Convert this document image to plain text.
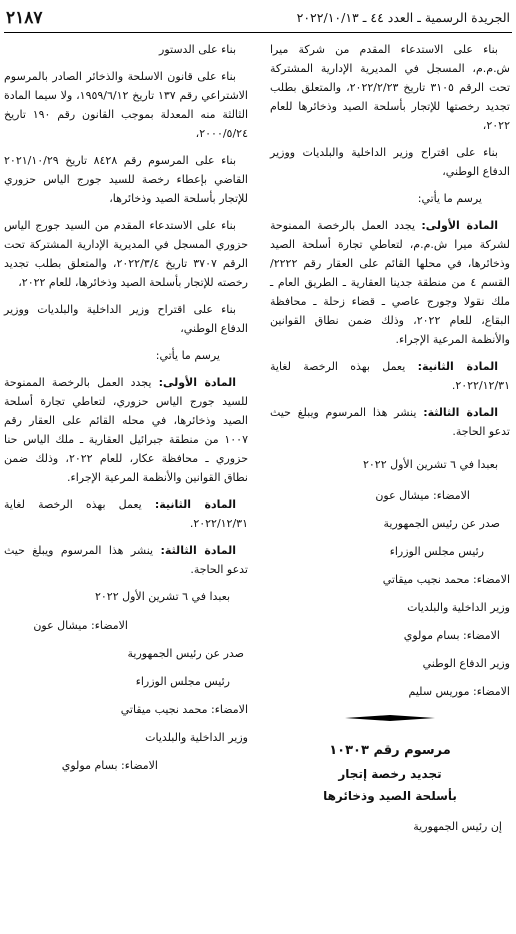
الجريدة الرسمية ـ العدد ٤٤ ـ ٢٠٢٢/١٠/١٣
٢١٨٧

بناء على الاستدعاء المقدم من شركة ميرا ش.م.م، المسجل في المديرية الإدارية المشتركة تحت الرقم ٣١٠٥ تاريخ ٢٠٢٢/٢/٢٣، والمتعلق بطلب تجديد رخصتها للإتجار بأسلحة الصيد وذخائرها للعام ٢٠٢٢،

بناء على اقتراح وزير الداخلية والبلديات ووزير الدفاع الوطني،

يرسم ما يأتي:

المادة الأولى: يجدد العمل بالرخصة الممنوحة لشركة ميرا ش.م.م، لتعاطي تجارة أسلحة الصيد وذخائرها، في محلها القائم على العقار رقم ٢٢٢٢/ القسم ٤ من منطقة جدينا العقارية ـ الطريق العام ـ ملك نقولا وجورج عاصي ـ قضاء زحلة ـ محافظة البقاع، للعام ٢٠٢٢، وذلك ضمن نطاق القوانين والأنظمة المرعية الإجراء.

المادة الثانية: يعمل بهذه الرخصة لغاية ٢٠٢٢/١٢/٣١.

المادة الثالثة: ينشر هذا المرسوم ويبلغ حيث تدعو الحاجة.

بعبدا في ٦ تشرين الأول ٢٠٢٢
الامضاء: ميشال عون
صدر عن رئيس الجمهورية
رئيس مجلس الوزراء
الامضاء: محمد نجيب ميقاتي
وزير الداخلية والبلديات
الامضاء: بسام مولوي
وزير الدفاع الوطني
الامضاء: موريس سليم
مرسوم رقم ١٠٣٠٣
تجديد رخصة إتجار
بأسلحة الصيد وذخائرها
إن رئيس الجمهورية

بناء على الدستور

بناء على قانون الاسلحة والذخائر الصادر بالمرسوم الاشتراعي رقم ١٣٧ تاريخ ١٩٥٩/٦/١٢، ولا سيما المادة الثالثة منه المعدلة بموجب القانون رقم ١٩٠ تاريخ ٢٠٠٠/٥/٢٤،

بناء على المرسوم رقم ٨٤٢٨ تاريخ ٢٠٢١/١٠/٢٩ القاضي بإعطاء رخصة للسيد جورج الياس حزوري للإتجار بأسلحة الصيد وذخائرها،

بناء على الاستدعاء المقدم من السيد جورج الياس حزوري المسجل في المديرية الإدارية المشتركة تحت الرقم ٣٧٠٧ تاريخ ٢٠٢٢/٣/٤، والمتعلق بطلب تجديد رخصته للإتجار بأسلحة الصيد وذخائرها، للعام ٢٠٢٢،

بناء على اقتراح وزير الداخلية والبلديات ووزير الدفاع الوطني،

يرسم ما يأتي:

المادة الأولى: يجدد العمل بالرخصة الممنوحة للسيد جورج الياس حزوري، لتعاطي تجارة أسلحة الصيد وذخائرها، في محله القائم على العقار رقم ١٠٠٧ من منطقة جبرائيل العقارية ـ ملك الياس حنا حزوري ـ محافظة عكار، للعام ٢٠٢٢، وذلك ضمن نطاق القوانين والأنظمة المرعية الإجراء.

المادة الثانية: يعمل بهذه الرخصة لغاية ٢٠٢٢/١٢/٣١.

المادة الثالثة: ينشر هذا المرسوم ويبلغ حيث تدعو الحاجة.

بعبدا في ٦ تشرين الأول ٢٠٢٢
الامضاء: ميشال عون
صدر عن رئيس الجمهورية
رئيس مجلس الوزراء
الامضاء: محمد نجيب ميقاتي
وزير الداخلية والبلديات
الامضاء: بسام مولوي
